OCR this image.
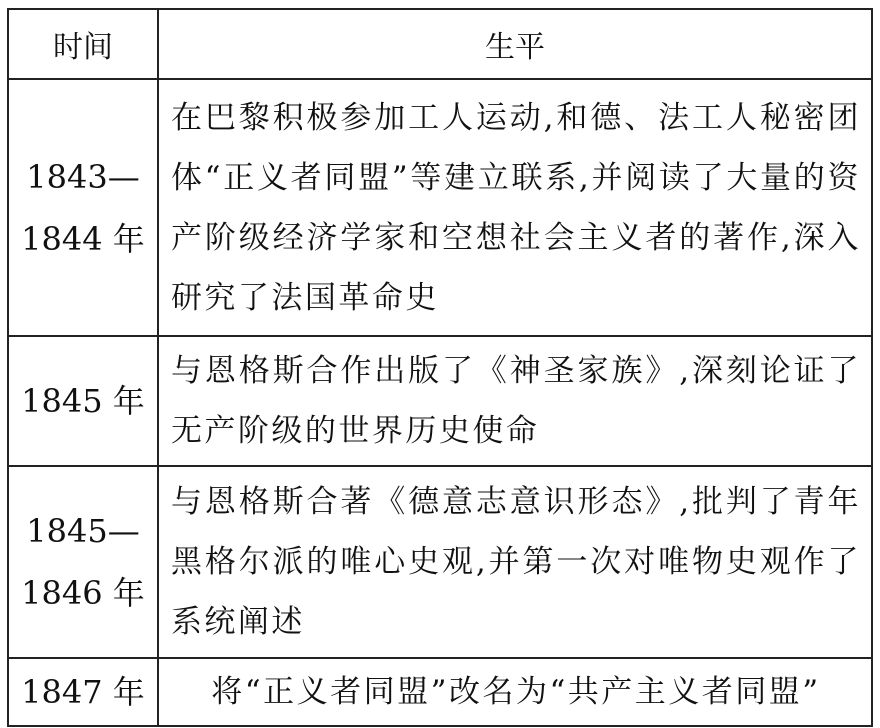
时间	生平

1843—
1844 年	在巴黎积极参加工人运动,和德、法工人秘密团体“正义者同盟”等建立联系,并阅读了大量的资产阶级经济学家和空想社会主义者的著作,深入研究了法国革命史

1845 年	与恩格斯合作出版了《神圣家族》,深刻论证了无产阶级的世界历史使命

1845—
1846 年	与恩格斯合著《德意志意识形态》,批判了青年黑格尔派的唯心史观,并第一次对唯物史观作了系统阐述

1847 年	将“正义者同盟”改名为“共产主义者同盟”
